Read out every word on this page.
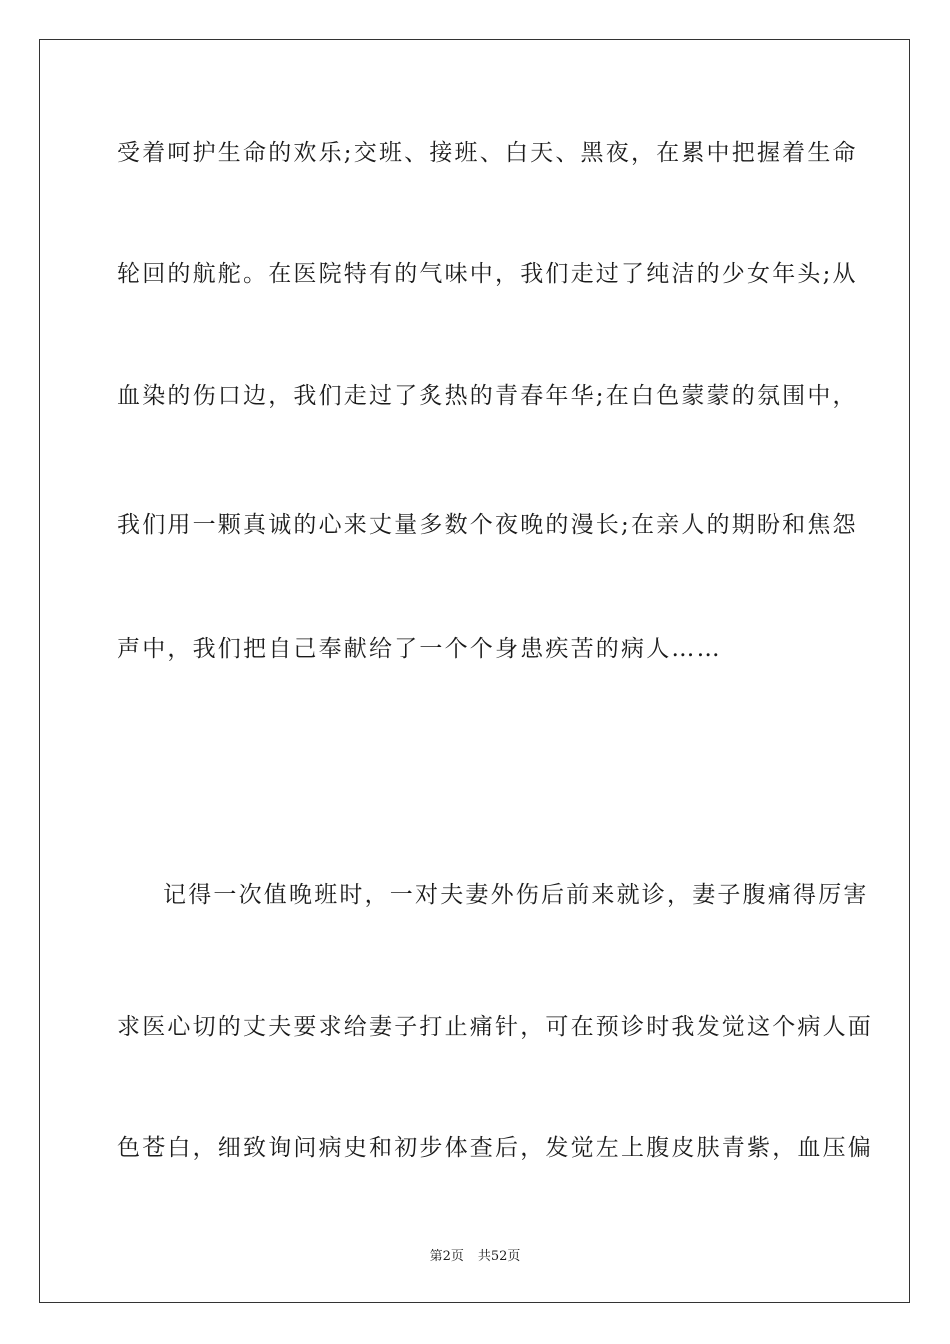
受着呵护生命的欢乐;交班、接班、白天、黑夜，在累中把握着生命
轮回的航舵。在医院特有的气味中，我们走过了纯洁的少女年头;从
血染的伤口边，我们走过了炙热的青春年华;在白色蒙蒙的氛围中，
我们用一颗真诚的心来丈量多数个夜晚的漫长;在亲人的期盼和焦怨
声中，我们把自己奉献给了一个个身患疾苦的病人……
记得一次值晚班时，一对夫妻外伤后前来就诊，妻子腹痛得厉害
求医心切的丈夫要求给妻子打止痛针，可在预诊时我发觉这个病人面
色苍白，细致询问病史和初步体查后，发觉左上腹皮肤青紫，血压偏
第2页 共52页
